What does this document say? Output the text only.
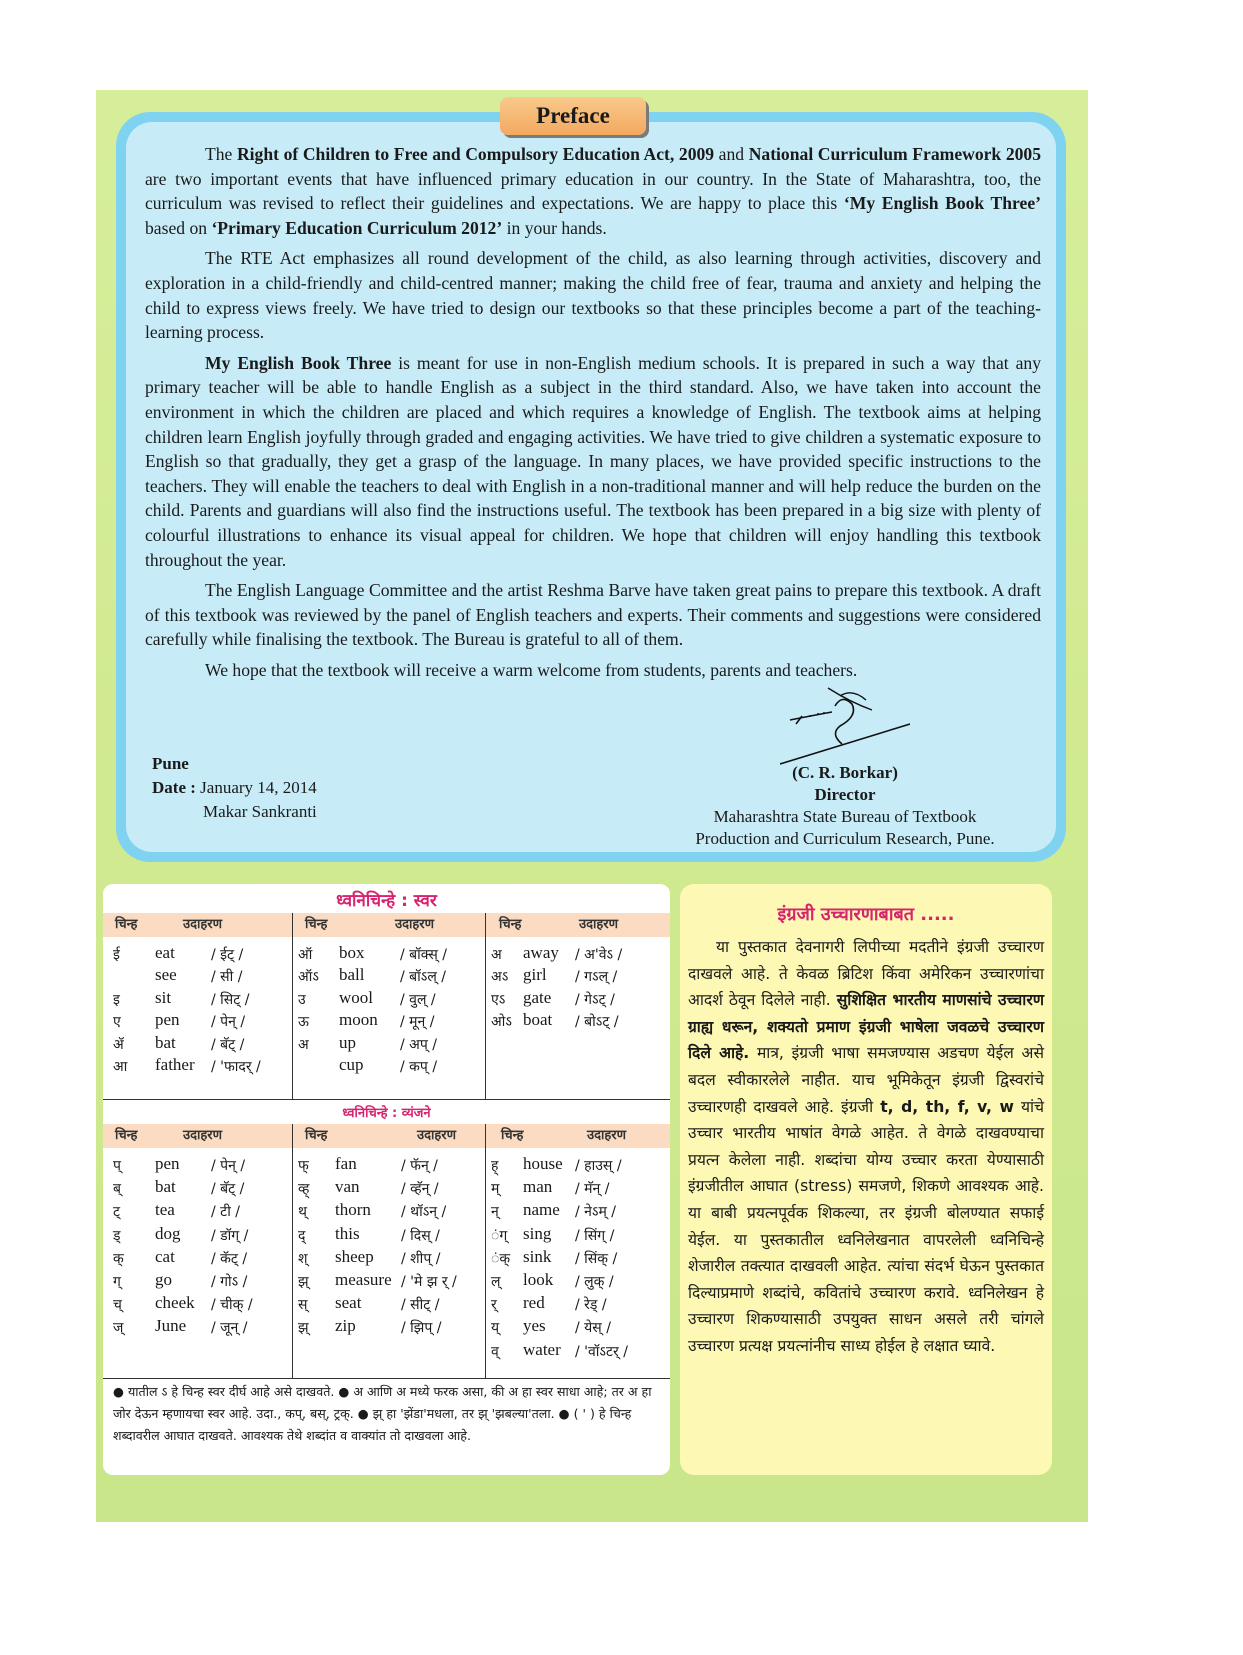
Preface

The Right of Children to Free and Compulsory Education Act, 2009 and National Curriculum Framework 2005 are two important events that have influenced primary education in our country. In the State of Maharashtra, too, the curriculum was revised to reflect their guidelines and expectations. We are happy to place this ‘My English Book Three’ based on ‘Primary Education Curriculum 2012’ in your hands.

The RTE Act emphasizes all round development of the child, as also learning through activities, discovery and exploration in a child-friendly and child-centred manner; making the child free of fear, trauma and anxiety and helping the child to express views freely. We have tried to design our textbooks so that these principles become a part of the teaching-learning process.

My English Book Three is meant for use in non-English medium schools. It is prepared in such a way that any primary teacher will be able to handle English as a subject in the third standard. Also, we have taken into account the environment in which the children are placed and which requires a knowledge of English. The textbook aims at helping children learn English joyfully through graded and engaging activities. We have tried to give children a systematic exposure to English so that gradually, they get a grasp of the language. In many places, we have provided specific instructions to the teachers. They will enable the teachers to deal with English in a non-traditional manner and will help reduce the burden on the child. Parents and guardians will also find the instructions useful. The textbook has been prepared in a big size with plenty of colourful illustrations to enhance its visual appeal for children. We hope that children will enjoy handling this textbook throughout the year.

The English Language Committee and the artist Reshma Barve have taken great pains to prepare this textbook. A draft of this textbook was reviewed by the panel of English teachers and experts. Their comments and suggestions were considered carefully while finalising the textbook. The Bureau is grateful to all of them.

We hope that the textbook will receive a warm welcome from students, parents and teachers.

Pune
Date : January 14, 2014
Makar Sankranti
(C. R. Borkar)
Director
Maharashtra State Bureau of Textbook
Production and Curriculum Research, Pune.
ध्वनिचिन्हे : स्वर
चिन्ह	उदाहरण	चिन्ह	उदाहरण	चिन्ह	उदाहरण
ई eat	/ ईट् /
see / सी /
इ sit	/ सिट् /
ए pen / पेन् /
ॲ bat	/ बॅट् /
आ father / 'फादर् /
ऑ box	/ बॉक्स् /
ऑऽ ball	/ बॉऽल् /
उ wool / वुल् /
ऊ moon / मून् /
अ up	/ अप् /
cup	/ कप् /
अ away / अ'वेऽ /
अऽ girl / गऽल् /
एऽ gate / गेऽट् /
ओऽ boat / बोऽट् /
ध्वनिचिन्हे : व्यंजने
चिन्ह	उदाहरण	चिन्ह	उदाहरण	चिन्ह	उदाहरण
प् pen / पेन् /
ब् bat	/ बॅट् /
ट् tea	/ टी /
ड् dog / डॉग् /
क् cat	/ कॅट् /
ग् go	/ गोऽ /
च् cheek / चीक् /
ज् June / जून् /
फ् fan	/ फॅन् /
व्ह् van	/ व्हॅन् /
थ् thorn / थॉऽन् /
द् this	/ दिस् /
श् sheep / शीप् /
झ् measure / 'मे झ र् /
स् seat	/ सीट् /
झ् zip	/ झिप् /
ह् house / हाउस् /
म् man / मॅन् /
न् name / नेऽम् /
ंग् sing / सिंग् /
ंक् sink / सिंक् /
ल् look / लुक् /
र् red / रेड् /
य् yes / येस् /
व् water / 'वॉऽटर् /
● यातील ऽ हे चिन्ह स्वर दीर्घ आहे असे दाखवते. ● अ आणि अ मध्ये फरक असा, की अ हा स्वर साधा आहे; तर अ हा जोर देऊन म्हणायचा स्वर आहे. उदा., कप्, बस्, ट्रक्. ● झ् हा 'झेंडा'मधला, तर झ् 'झबल्या'तला. ● ( ' ) हे चिन्ह शब्दावरील आघात दाखवते. आवश्यक तेथे शब्दांत व वाक्यांत तो दाखवला आहे.
इंग्रजी उच्चारणाबाबत .....
या पुस्तकात देवनागरी लिपीच्या मदतीने इंग्रजी उच्चारण दाखवले आहे. ते केवळ ब्रिटिश किंवा अमेरिकन उच्चारणांचा आदर्श ठेवून दिलेले नाही. सुशिक्षित भारतीय माणसांचे उच्चारण ग्राह्य धरून, शक्यतो प्रमाण इंग्रजी भाषेला जवळचे उच्चारण दिले आहे. मात्र, इंग्रजी भाषा समजण्यास अडचण येईल असे बदल स्वीकारलेले नाहीत. याच भूमिकेतून इंग्रजी द्विस्वरांचे उच्चारणही दाखवले आहे. इंग्रजी t, d, th, f, v, w यांचे उच्चार भारतीय भाषांत वेगळे आहेत. ते वेगळे दाखवण्याचा प्रयत्न केलेला नाही. शब्दांचा योग्य उच्चार करता येण्यासाठी इंग्रजीतील आघात (stress) समजणे, शिकणे आवश्यक आहे. या बाबी प्रयत्नपूर्वक शिकल्या, तर इंग्रजी बोलण्यात सफाई येईल. या पुस्तकातील ध्वनिलेखनात वापरलेली ध्वनिचिन्हे शेजारील तक्त्यात दाखवली आहेत. त्यांचा संदर्भ घेऊन पुस्तकात दिल्याप्रमाणे शब्दांचे, कवितांचे उच्चारण करावे. ध्वनिलेखन हे उच्चारण शिकण्यासाठी उपयुक्त साधन असले तरी चांगले उच्चारण प्रत्यक्ष प्रयत्नांनीच साध्य होईल हे लक्षात घ्यावे.
